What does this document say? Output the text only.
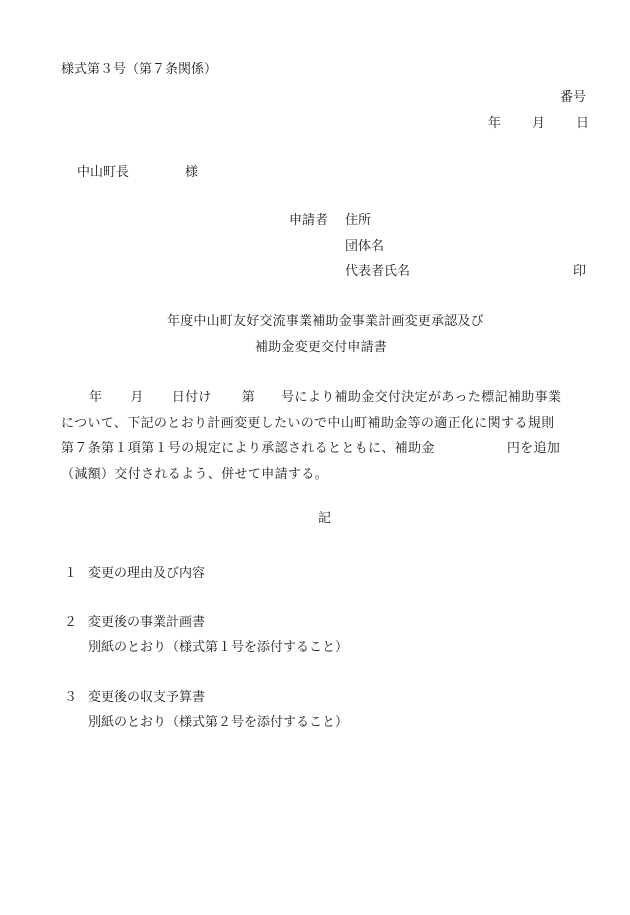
様式第３号（第７条関係）
番号
年 月 日
中山町長	様
申請者 住所
団体名
代表者氏名	印
年度中山町友好交流事業補助金事業計画変更承認及び
補助金変更交付申請書
年 月 日付け 第 号により補助金交付決定があった標記補助事業
について、下記のとおり計画変更したいので中山町補助金等の適正化に関する規則
第７条第１項第１号の規定により承認されるとともに、補助金	円を追加
（減額）交付されるよう、併せて申請する。
記
１ 変更の理由及び内容
２ 変更後の事業計画書
別紙のとおり（様式第１号を添付すること）
３ 変更後の収支予算書
別紙のとおり（様式第２号を添付すること）
